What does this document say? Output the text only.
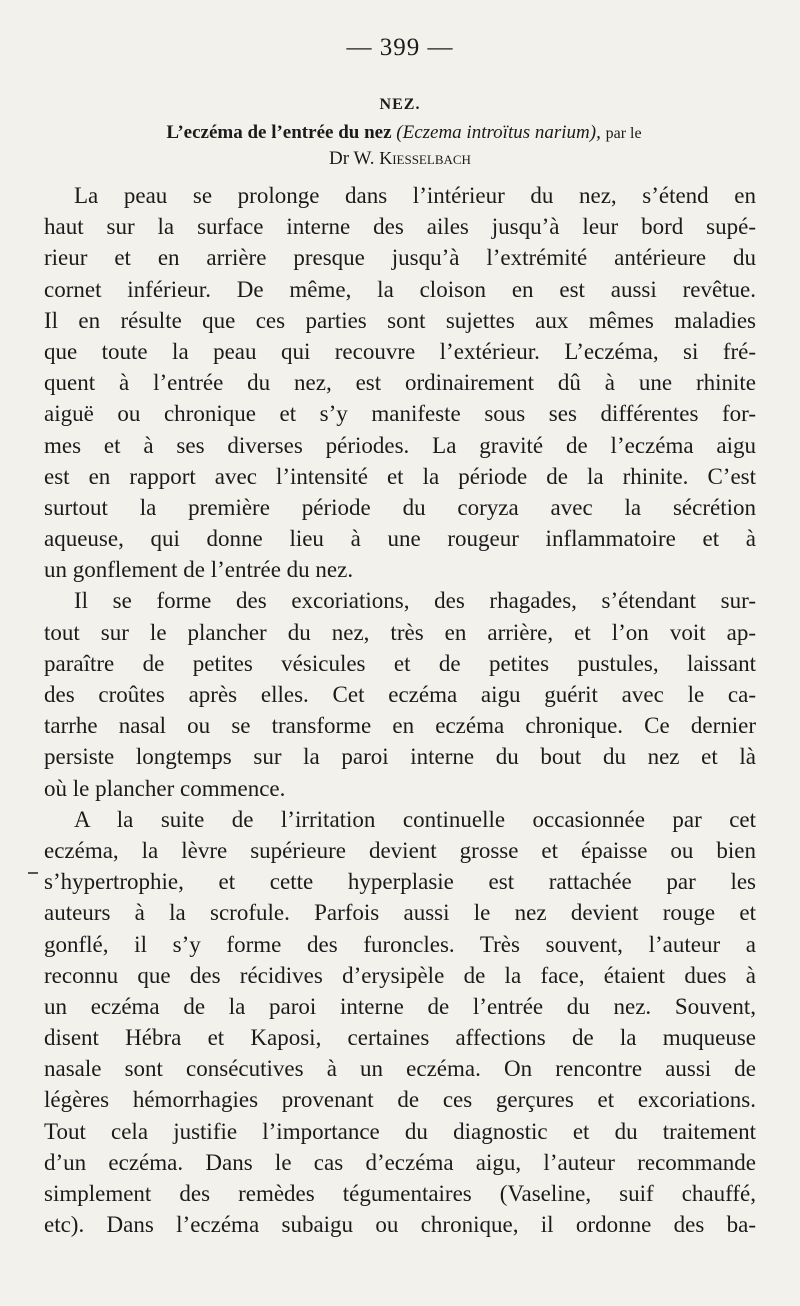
— 399 —
NEZ.
L’eczéma de l’entrée du nez (Eczema introïtus narium), par le
Dr W. Kiesselbach
La peau se prolonge dans l’intérieur du nez, s’étend en
haut sur la surface interne des ailes jusqu’à leur bord supé-
rieur et en arrière presque jusqu’à l’extrémité antérieure du
cornet inférieur. De même, la cloison en est aussi revêtue.
Il en résulte que ces parties sont sujettes aux mêmes maladies
que toute la peau qui recouvre l’extérieur. L’eczéma, si fré-
quent à l’entrée du nez, est ordinairement dû à une rhinite
aiguë ou chronique et s’y manifeste sous ses différentes for-
mes et à ses diverses périodes. La gravité de l’eczéma aigu
est en rapport avec l’intensité et la période de la rhinite. C’est
surtout la première période du coryza avec la sécrétion
aqueuse, qui donne lieu à une rougeur inflammatoire et à
un gonflement de l’entrée du nez.
Il se forme des excoriations, des rhagades, s’étendant sur-
tout sur le plancher du nez, très en arrière, et l’on voit ap-
paraître de petites vésicules et de petites pustules, laissant
des croûtes après elles. Cet eczéma aigu guérit avec le ca-
tarrhe nasal ou se transforme en eczéma chronique. Ce dernier
persiste longtemps sur la paroi interne du bout du nez et là
où le plancher commence.
A la suite de l’irritation continuelle occasionnée par cet
eczéma, la lèvre supérieure devient grosse et épaisse ou bien
s’hypertrophie, et cette hyperplasie est rattachée par les
auteurs à la scrofule. Parfois aussi le nez devient rouge et
gonflé, il s’y forme des furoncles. Très souvent, l’auteur a
reconnu que des récidives d’erysipèle de la face, étaient dues à
un eczéma de la paroi interne de l’entrée du nez. Souvent,
disent Hébra et Kaposi, certaines affections de la muqueuse
nasale sont consécutives à un eczéma. On rencontre aussi de
légères hémorrhagies provenant de ces gerçures et excoriations.
Tout cela justifie l’importance du diagnostic et du traitement
d’un eczéma. Dans le cas d’eczéma aigu, l’auteur recommande
simplement des remèdes tégumentaires (Vaseline, suif chauffé,
etc). Dans l’eczéma subaigu ou chronique, il ordonne des ba-
